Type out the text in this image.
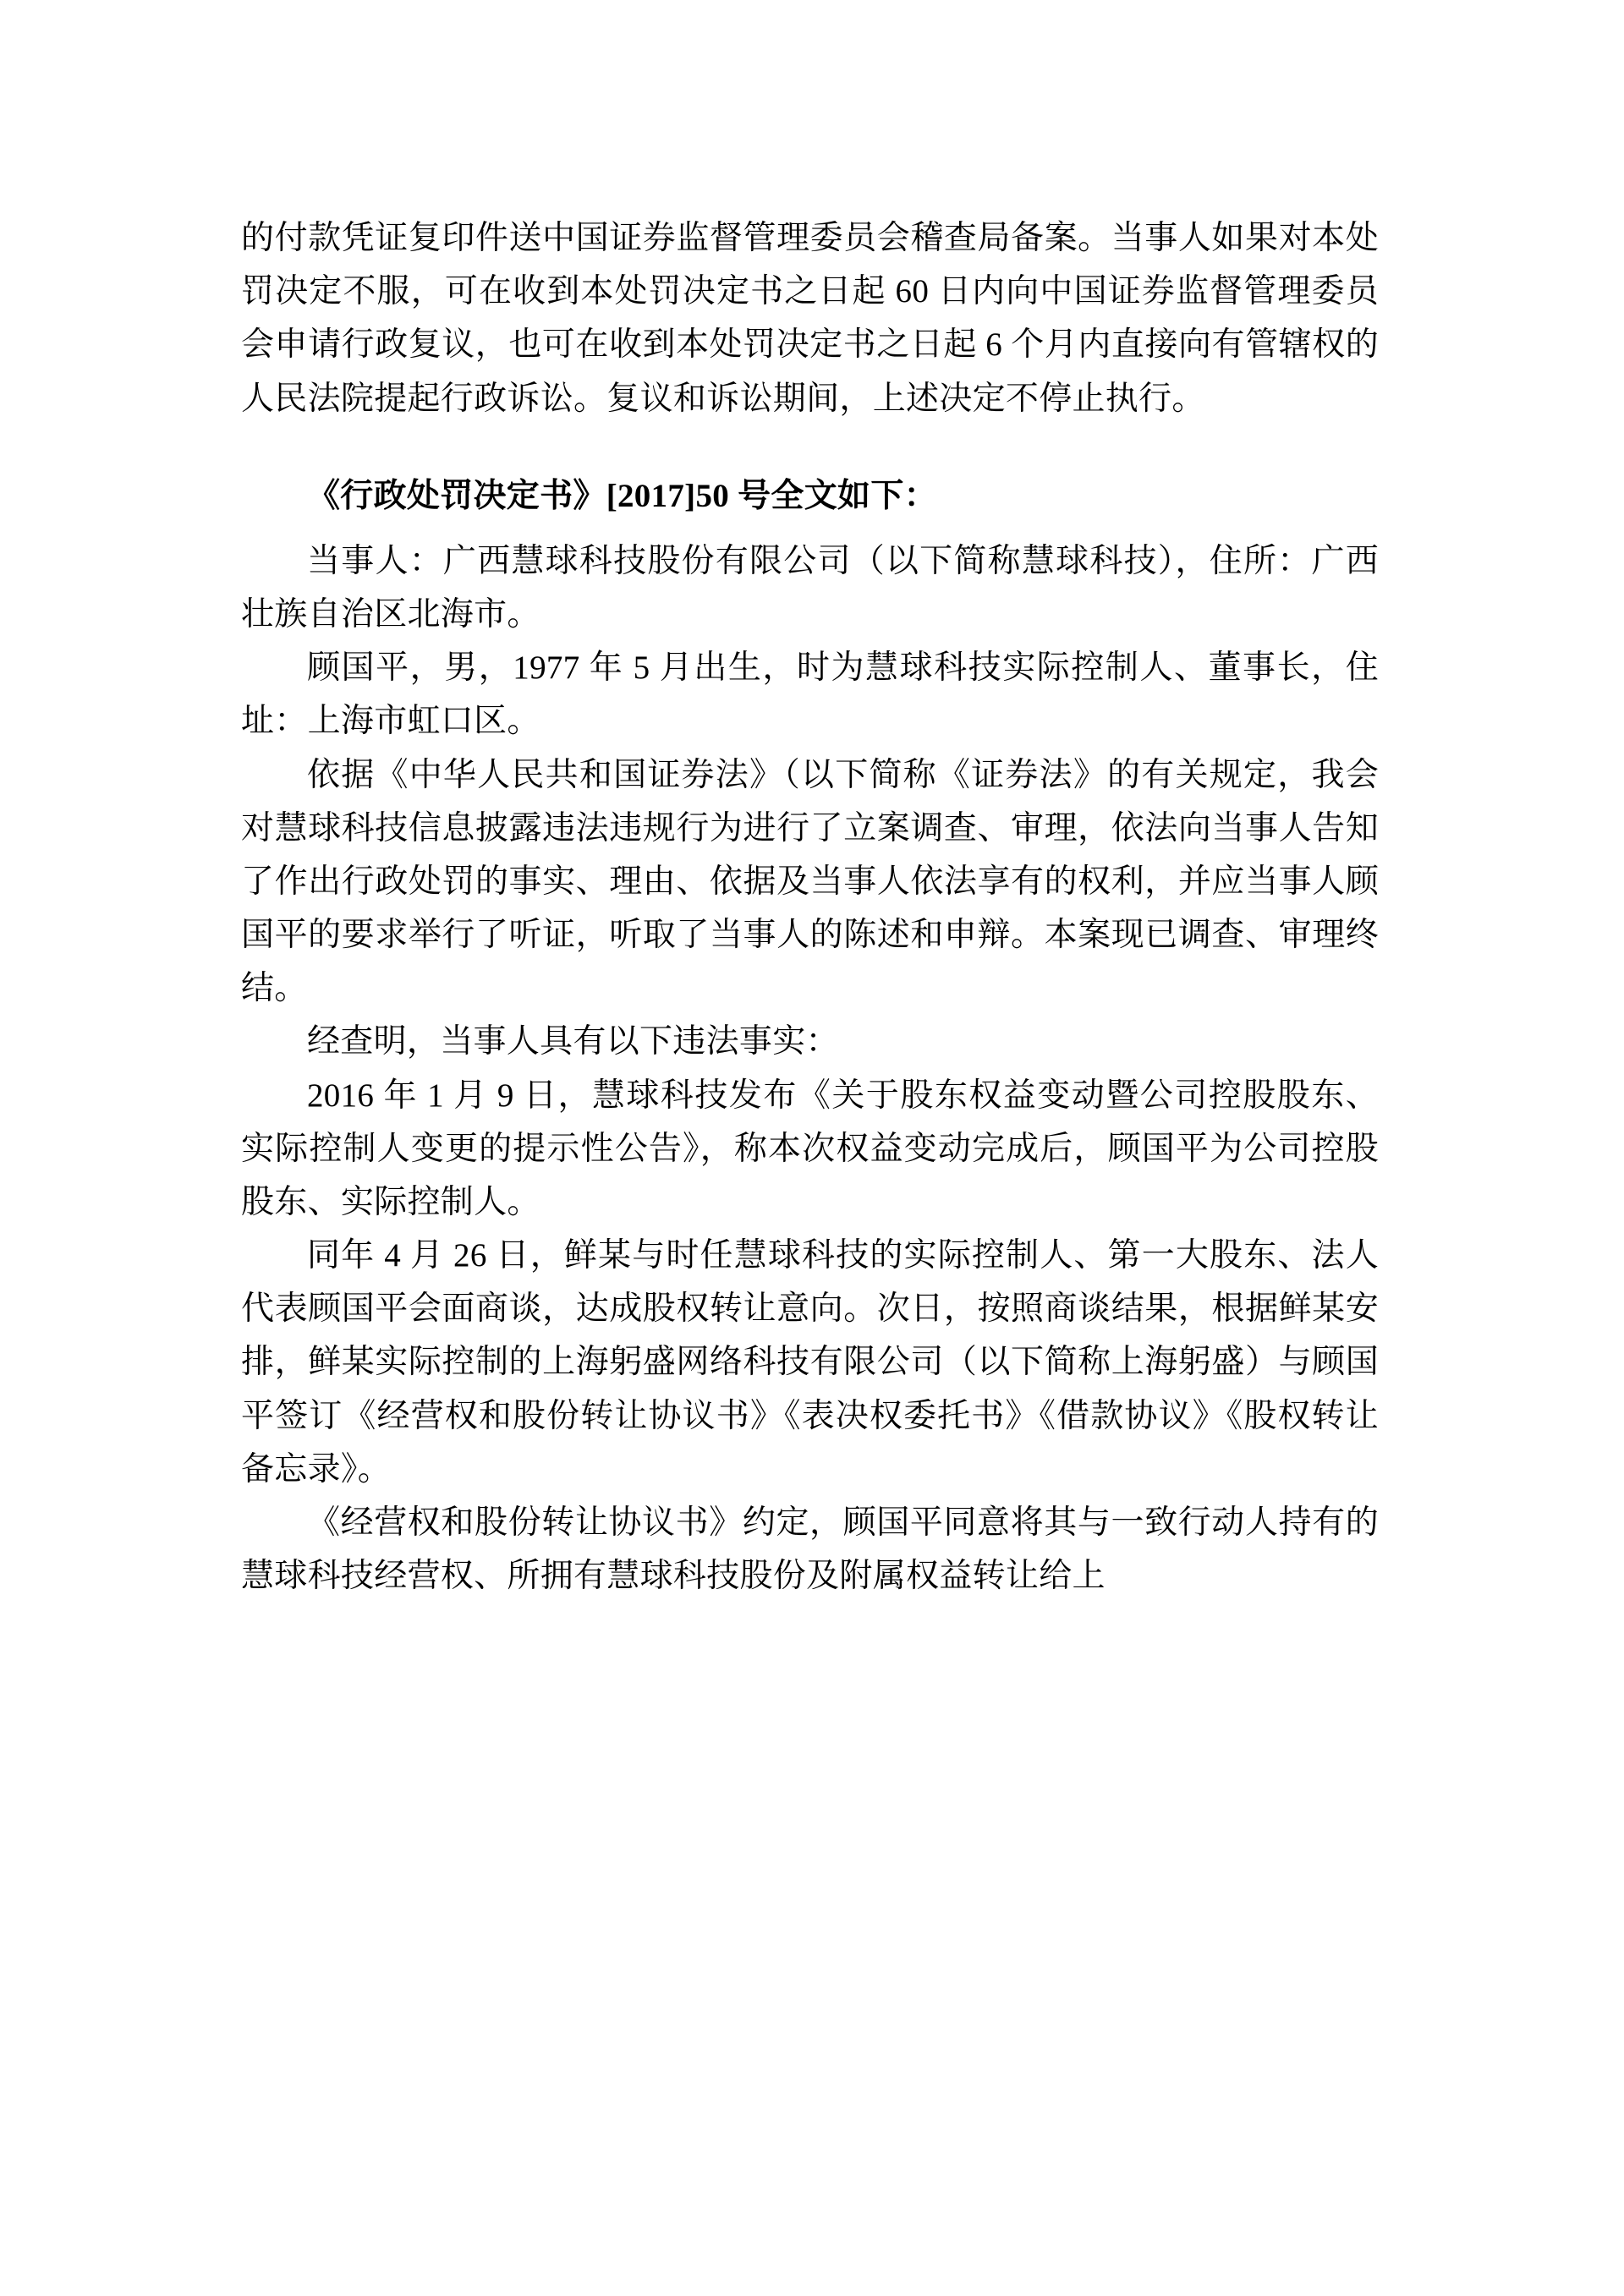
的付款凭证复印件送中国证券监督管理委员会稽查局备案。当事人如果对本处罚决定不服，可在收到本处罚决定书之日起 60 日内向中国证券监督管理委员会申请行政复议，也可在收到本处罚决定书之日起 6 个月内直接向有管辖权的人民法院提起行政诉讼。复议和诉讼期间，上述决定不停止执行。

《行政处罚决定书》[2017]50 号全文如下：

当事人：广西慧球科技股份有限公司（以下简称慧球科技），住所：广西壮族自治区北海市。

顾国平，男，1977 年 5 月出生，时为慧球科技实际控制人、董事长，住址：上海市虹口区。

依据《中华人民共和国证券法》（以下简称《证券法》的有关规定，我会对慧球科技信息披露违法违规行为进行了立案调查、审理，依法向当事人告知了作出行政处罚的事实、理由、依据及当事人依法享有的权利，并应当事人顾国平的要求举行了听证，听取了当事人的陈述和申辩。本案现已调查、审理终结。

经查明，当事人具有以下违法事实：

2016 年 1 月 9 日，慧球科技发布《关于股东权益变动暨公司控股股东、实际控制人变更的提示性公告》，称本次权益变动完成后，顾国平为公司控股股东、实际控制人。

同年 4 月 26 日，鲜某与时任慧球科技的实际控制人、第一大股东、法人代表顾国平会面商谈，达成股权转让意向。次日，按照商谈结果，根据鲜某安排，鲜某实际控制的上海躬盛网络科技有限公司（以下简称上海躬盛）与顾国平签订《经营权和股份转让协议书》《表决权委托书》《借款协议》《股权转让备忘录》。

《经营权和股份转让协议书》约定，顾国平同意将其与一致行动人持有的慧球科技经营权、所拥有慧球科技股份及附属权益转让给上
